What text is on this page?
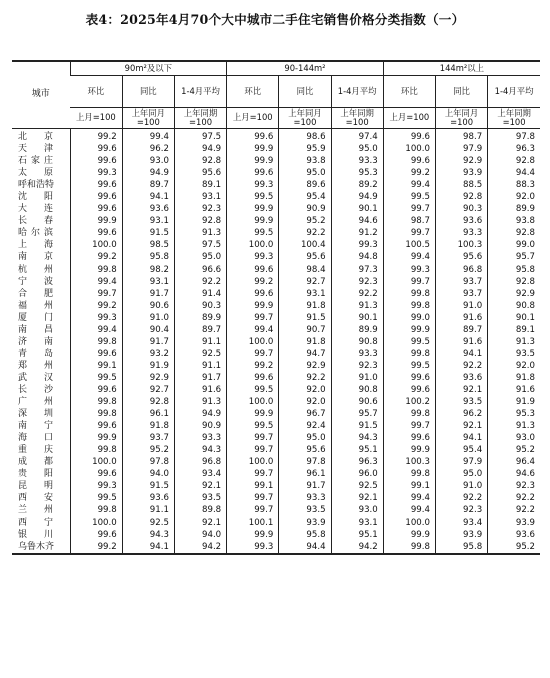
表4：2025年4月70个大中城市二手住宅销售价格分类指数（一）
城市	90m²及以下			90-144m²			144m²以上		
	环比	同比	1-4月平均	环比	同比	1-4月平均	环比	同比	1-4月平均
	上月=100	上年同月=100	上年同期=100	上月=100	上年同月=100	上年同期=100	上月=100	上年同月=100	上年同期=100
北京	99.2	99.4	97.5	99.6	98.6	97.4	99.6	98.7	97.8
天津	99.6	96.2	94.9	99.9	95.9	95.0	100.0	97.9	96.3
石家庄	99.6	93.0	92.8	99.9	93.8	93.3	99.6	92.9	92.8
太原	99.3	94.9	95.6	99.6	95.0	95.3	99.2	93.9	94.4
呼和浩特	99.6	89.7	89.1	99.3	89.6	89.2	99.4	88.5	88.3
沈阳	99.6	94.1	93.1	99.5	95.4	94.9	99.5	92.8	92.0
大连	99.6	93.6	92.3	99.9	90.9	90.1	99.7	90.3	89.9
长春	99.9	93.1	92.8	99.9	95.2	94.6	98.7	93.6	93.8
哈尔滨	99.6	91.5	91.3	99.5	92.2	91.2	99.7	93.3	92.8
上海	100.0	98.5	97.5	100.0	100.4	99.3	100.5	100.3	99.0
南京	99.2	95.8	95.0	99.3	95.6	94.8	99.4	95.6	95.7
杭州	99.8	98.2	96.6	99.6	98.4	97.3	99.3	96.8	95.8
宁波	99.4	93.1	92.2	99.2	92.7	92.3	99.7	93.7	92.8
合肥	99.7	91.7	91.4	99.6	93.1	92.2	99.8	93.7	92.9
福州	99.2	90.6	90.3	99.9	91.8	91.3	99.8	91.0	90.8
厦门	99.3	91.0	89.9	99.7	91.5	90.1	99.0	91.6	90.1
南昌	99.4	90.4	89.7	99.4	90.7	89.9	99.9	89.7	89.1
济南	99.8	91.7	91.1	100.0	91.8	90.8	99.5	91.6	91.3
青岛	99.6	93.2	92.5	99.7	94.7	93.3	99.8	94.1	93.5
郑州	99.1	91.9	91.1	99.2	92.9	92.3	99.5	92.2	92.0
武汉	99.5	92.9	91.7	99.6	92.2	91.0	99.6	93.6	91.8
长沙	99.6	92.7	91.6	99.5	92.0	90.8	99.6	92.1	91.6
广州	99.8	92.8	91.3	100.0	92.0	90.6	100.2	93.5	91.9
深圳	99.8	96.1	94.9	99.9	96.7	95.7	99.8	96.2	95.3
南宁	99.6	91.8	90.9	99.5	92.4	91.5	99.7	92.1	91.3
海口	99.9	93.7	93.3	99.7	95.0	94.3	99.6	94.1	93.0
重庆	99.8	95.2	94.3	99.7	95.6	95.1	99.9	95.4	95.2
成都	100.0	97.8	96.8	100.0	97.8	96.3	100.3	97.9	96.4
贵阳	99.6	94.0	93.4	99.7	96.1	96.0	99.8	95.0	94.6
昆明	99.3	91.5	92.1	99.1	91.7	92.5	99.1	91.0	92.3
西安	99.5	93.6	93.5	99.7	93.3	92.1	99.4	92.2	92.2
兰州	99.8	91.1	89.8	99.7	93.5	93.0	99.4	92.3	92.2
西宁	100.0	92.5	92.1	100.1	93.9	93.1	100.0	93.4	93.9
银川	99.6	94.3	94.0	99.9	95.8	95.1	99.9	93.9	93.6
乌鲁木齐	99.2	94.1	94.2	99.3	94.4	94.2	99.8	95.8	95.2
